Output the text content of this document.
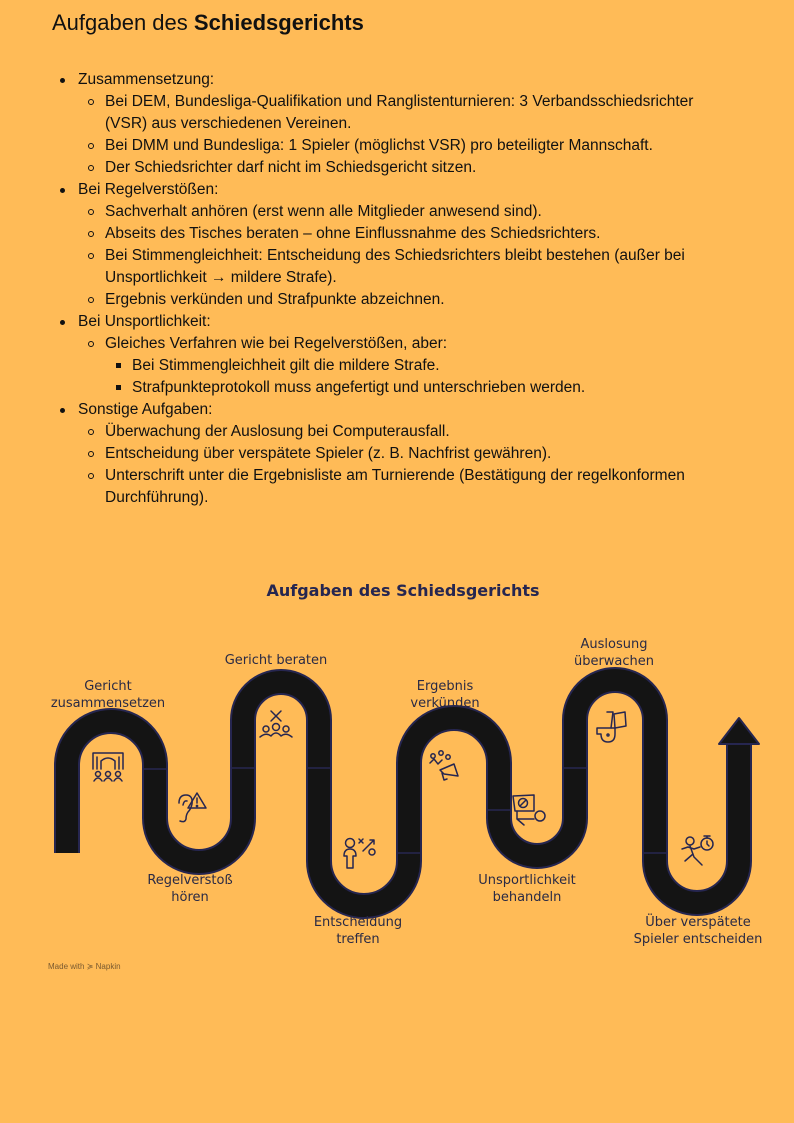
Aufgaben des Schiedsgerichts
Zusammensetzung:
Bei DEM, Bundesliga-Qualifikation und Ranglistenturnieren: 3 Verbandsschiedsrichter (VSR) aus verschiedenen Vereinen.
Bei DMM und Bundesliga: 1 Spieler (möglichst VSR) pro beteiligter Mannschaft.
Der Schiedsrichter darf nicht im Schiedsgericht sitzen.
Bei Regelverstößen:
Sachverhalt anhören (erst wenn alle Mitglieder anwesend sind).
Abseits des Tisches beraten – ohne Einflussnahme des Schiedsrichters.
Bei Stimmengleichheit: Entscheidung des Schiedsrichters bleibt bestehen (außer bei Unsportlichkeit → mildere Strafe).
Ergebnis verkünden und Strafpunkte abzeichnen.
Bei Unsportlichkeit:
Gleiches Verfahren wie bei Regelverstößen, aber:
Bei Stimmengleichheit gilt die mildere Strafe.
Strafpunkteprotokoll muss angefertigt und unterschrieben werden.
Sonstige Aufgaben:
Überwachung der Auslosung bei Computerausfall.
Entscheidung über verspätete Spieler (z. B. Nachfrist gewähren).
Unterschrift unter die Ergebnisliste am Turnierende (Bestätigung der regelkonformen Durchführung).
Aufgaben des Schiedsgerichts
Gericht zusammensetzen
Regelverstoß hören
Gericht beraten
Entscheidung treffen
Ergebnis verkünden
Unsportlichkeit behandeln
Auslosung überwachen
Über verspätete Spieler entscheiden
Made with ≽ Napkin
